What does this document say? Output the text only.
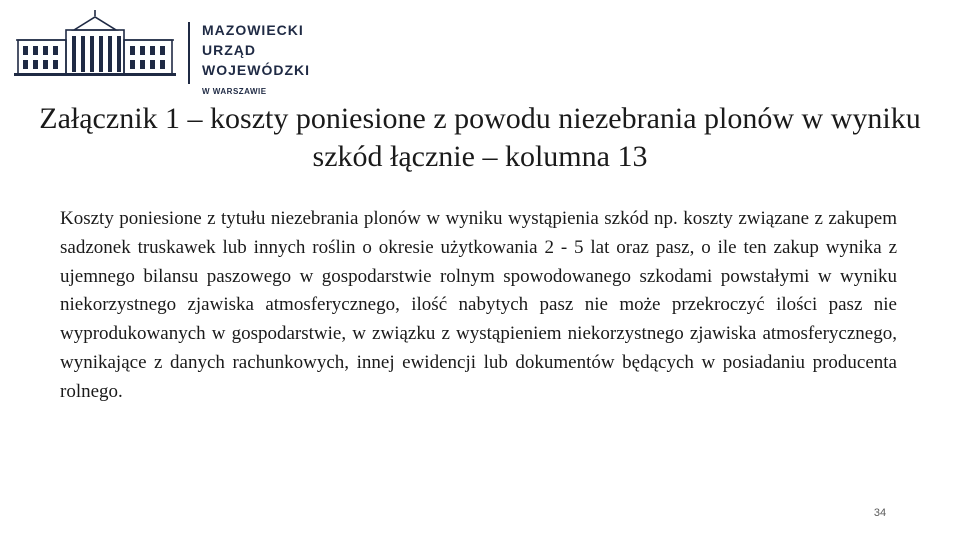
MAZOWIECKI
URZĄD WOJEWÓDZKI
W WARSZAWIE
Załącznik 1 – koszty poniesione z powodu niezebrania plonów w wyniku szkód łącznie – kolumna 13

Koszty poniesione z tytułu niezebrania plonów w wyniku wystąpienia szkód np. koszty związane z zakupem sadzonek truskawek lub innych roślin o okresie użytkowania 2 - 5 lat oraz pasz, o ile ten zakup wynika z ujemnego bilansu paszowego w gospodarstwie rolnym spowodowanego szkodami powstałymi w wyniku niekorzystnego zjawiska atmosferycznego, ilość nabytych pasz nie może przekroczyć ilości pasz nie wyprodukowanych w gospodarstwie, w związku z wystąpieniem niekorzystnego zjawiska atmosferycznego, wynikające z danych rachunkowych, innej ewidencji lub dokumentów będących w posiadaniu producenta rolnego.

34
